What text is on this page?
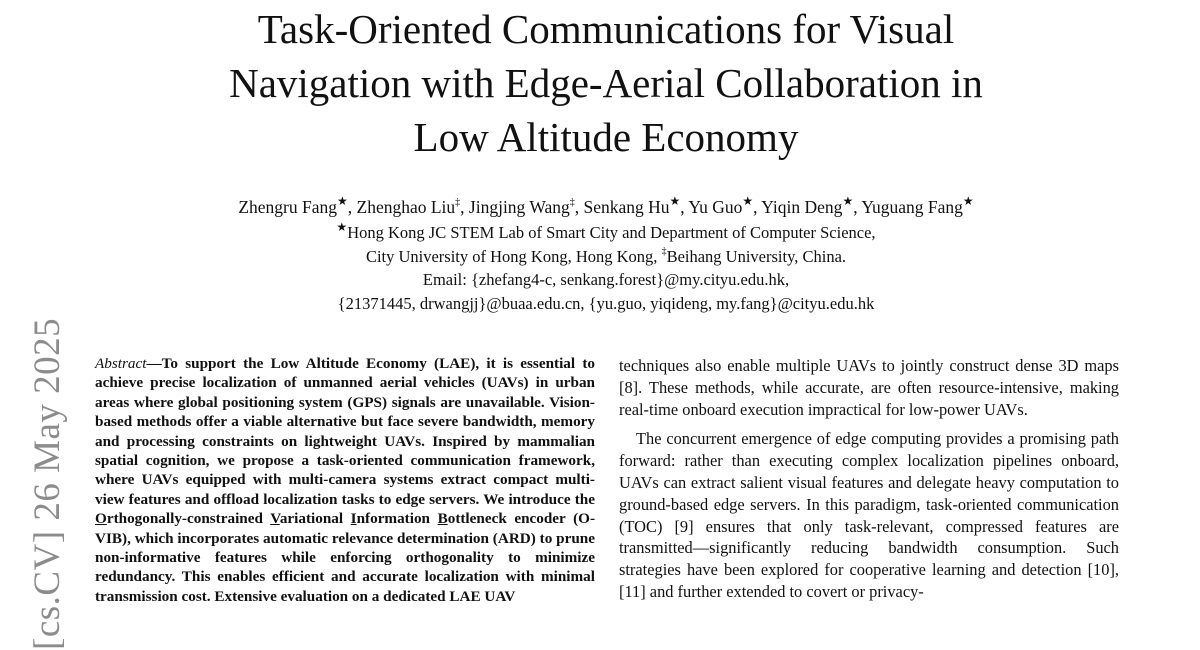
Task-Oriented Communications for Visual
Navigation with Edge-Aerial Collaboration in
Low Altitude Economy
Zhengru Fang★, Zhenghao Liu‡, Jingjing Wang‡, Senkang Hu★, Yu Guo★, Yiqin Deng★, Yuguang Fang★
★Hong Kong JC STEM Lab of Smart City and Department of Computer Science,
City University of Hong Kong, Hong Kong, ‡Beihang University, China.
Email: {zhefang4-c, senkang.forest}@my.cityu.edu.hk,
{21371445, drwangjj}@buaa.edu.cn, {yu.guo, yiqideng, my.fang}@cityu.edu.hk
[cs.CV] 26 May 2025 Abstract—To support the Low Altitude Economy (LAE), it is essential to achieve precise localization of unmanned aerial vehicles (UAVs) in urban areas where global positioning system (GPS) signals are unavailable. Vision-based methods offer a viable alternative but face severe bandwidth, memory and processing constraints on lightweight UAVs. Inspired by mammalian spatial cognition, we propose a task-oriented communication framework, where UAVs equipped with multi-camera systems extract compact multi-view features and offload localization tasks to edge servers. We introduce the Orthogonally-constrained Variational Information Bottleneck encoder (O-VIB), which incorporates automatic relevance determination (ARD) to prune non-informative features while enforcing orthogonality to minimize redundancy. This enables efficient and accurate localization with minimal transmission cost. Extensive evaluation on a dedicated LAE UAV

techniques also enable multiple UAVs to jointly construct dense 3D maps [8]. These methods, while accurate, are often resource-intensive, making real-time onboard execution impractical for low-power UAVs.

The concurrent emergence of edge computing provides a promising path forward: rather than executing complex localization pipelines onboard, UAVs can extract salient visual features and delegate heavy computation to ground-based edge servers. In this paradigm, task-oriented communication (TOC) [9] ensures that only task-relevant, compressed features are transmitted—significantly reducing bandwidth consumption. Such strategies have been explored for cooperative learning and detection [10], [11] and further extended to covert or privacy-
